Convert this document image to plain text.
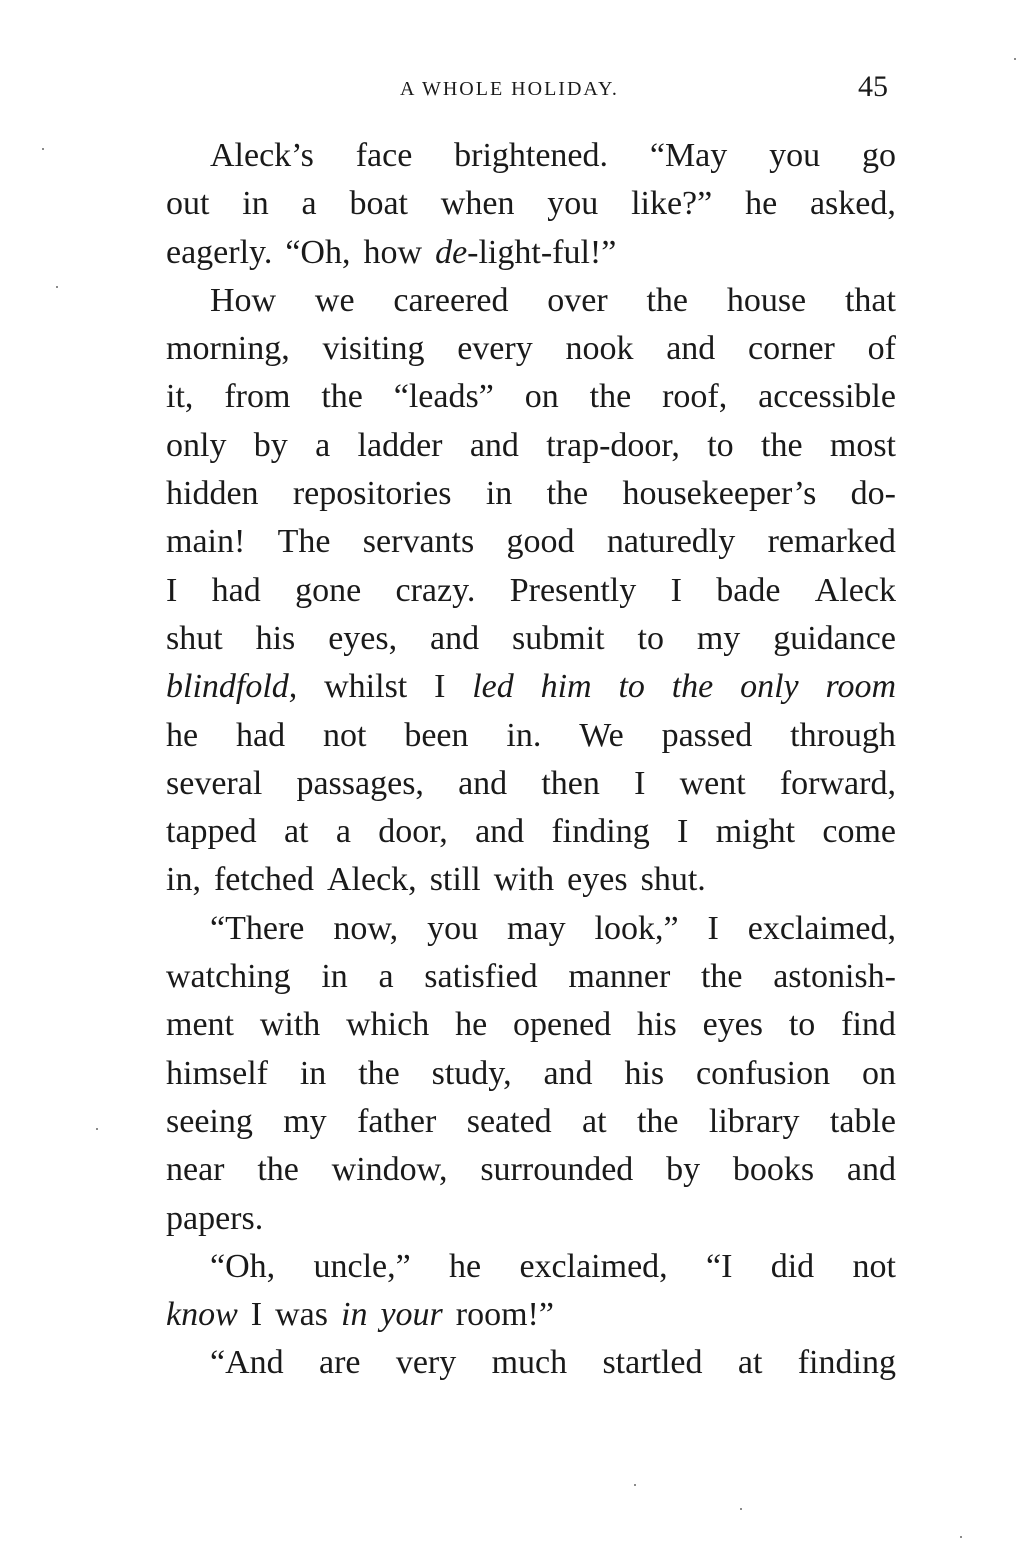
A WHOLE HOLIDAY.	45
Aleck’s face brightened. “May you go
out in a boat when you like?” he asked,
eagerly. “Oh, how de-light-ful!”
How we careered over the house that
morning, visiting every nook and corner of
it, from the “leads” on the roof, accessible
only by a ladder and trap-door, to the most
hidden repositories in the housekeeper’s do-
main! The servants good naturedly remarked
I had gone crazy. Presently I bade Aleck
shut his eyes, and submit to my guidance
blindfold, whilst I led him to the only room
he had not been in. We passed through
several passages, and then I went forward,
tapped at a door, and finding I might come
in, fetched Aleck, still with eyes shut.
“There now, you may look,” I exclaimed,
watching in a satisfied manner the astonish-
ment with which he opened his eyes to find
himself in the study, and his confusion on
seeing my father seated at the library table
near the window, surrounded by books and
papers.
“Oh, uncle,” he exclaimed, “I did not
know I was in your room!”
“And are very much startled at finding
